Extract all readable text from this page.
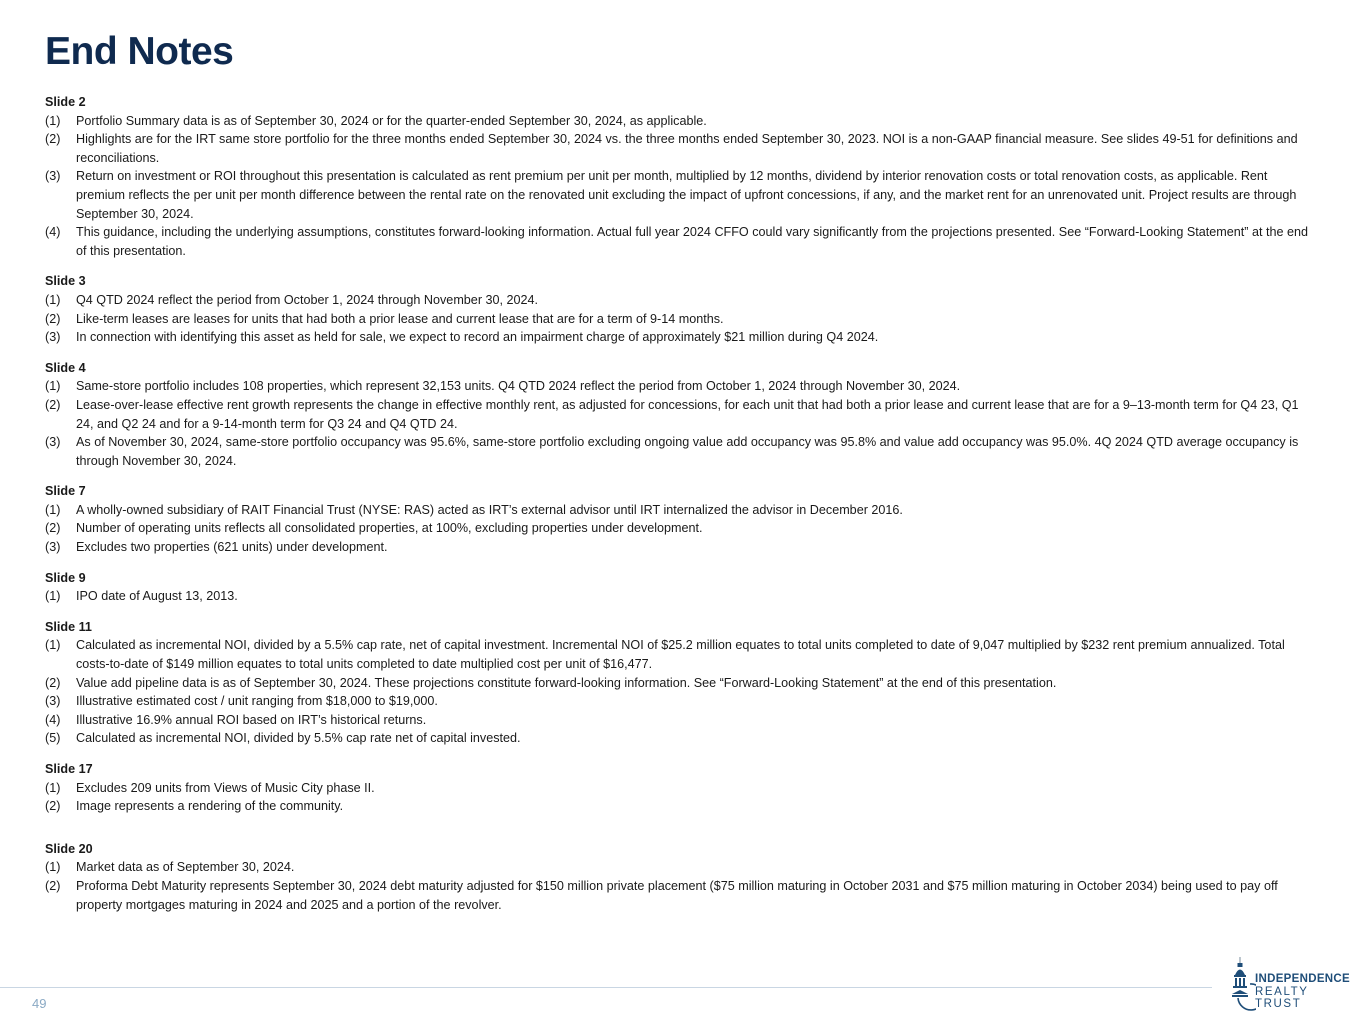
End Notes
Slide 2
(1)	Portfolio Summary data is as of September 30, 2024 or for the quarter-ended September 30, 2024, as applicable.
(2)	Highlights are for the IRT same store portfolio for the three months ended September 30, 2024 vs. the three months ended September 30, 2023. NOI is a non-GAAP financial measure. See slides 49-51 for definitions and reconciliations.
(3)	Return on investment or ROI throughout this presentation is calculated as rent premium per unit per month, multiplied by 12 months, dividend by interior renovation costs or total renovation costs, as applicable. Rent premium reflects the per unit per month difference between the rental rate on the renovated unit excluding the impact of upfront concessions, if any, and the market rent for an unrenovated unit. Project results are through September 30, 2024.
(4)	This guidance, including the underlying assumptions, constitutes forward-looking information. Actual full year 2024 CFFO could vary significantly from the projections presented. See “Forward-Looking Statement” at the end of this presentation.
Slide 3
(1)	Q4 QTD 2024 reflect the period from October 1, 2024 through November 30, 2024.
(2)	Like-term leases are leases for units that had both a prior lease and current lease that are for a term of 9-14 months.
(3)	In connection with identifying this asset as held for sale, we expect to record an impairment charge of approximately $21 million during Q4 2024.
Slide 4
(1)	Same-store portfolio includes 108 properties, which represent 32,153 units. Q4 QTD 2024 reflect the period from October 1, 2024 through November 30, 2024.
(2)	Lease-over-lease effective rent growth represents the change in effective monthly rent, as adjusted for concessions, for each unit that had both a prior lease and current lease that are for a 9–13-month term for Q4 23, Q1 24, and Q2 24 and for a 9-14-month term for Q3 24 and Q4 QTD 24.
(3)	As of November 30, 2024, same-store portfolio occupancy was 95.6%, same-store portfolio excluding ongoing value add occupancy was 95.8% and value add occupancy was 95.0%. 4Q 2024 QTD average occupancy is through November 30, 2024.
Slide 7
(1)	A wholly-owned subsidiary of RAIT Financial Trust (NYSE: RAS) acted as IRT’s external advisor until IRT internalized the advisor in December 2016.
(2)	Number of operating units reflects all consolidated properties, at 100%, excluding properties under development.
(3)	Excludes two properties (621 units) under development.
Slide 9
(1)	IPO date of August 13, 2013.
Slide 11
(1)	Calculated as incremental NOI, divided by a 5.5% cap rate, net of capital investment. Incremental NOI of $25.2 million equates to total units completed to date of 9,047 multiplied by $232 rent premium annualized. Total costs-to-date of $149 million equates to total units completed to date multiplied cost per unit of $16,477.
(2)	Value add pipeline data is as of September 30, 2024. These projections constitute forward-looking information. See “Forward-Looking Statement” at the end of this presentation.
(3)	Illustrative estimated cost / unit ranging from $18,000 to $19,000.
(4)	Illustrative 16.9% annual ROI based on IRT’s historical returns.
(5)	Calculated as incremental NOI, divided by 5.5% cap rate net of capital invested.
Slide 17
(1)	Excludes 209 units from Views of Music City phase II.
(2)	Image represents a rendering of the community.
Slide 20
(1)	Market data as of September 30, 2024.
(2)	Proforma Debt Maturity represents September 30, 2024 debt maturity adjusted for $150 million private placement ($75 million maturing in October 2031 and $75 million maturing in October 2034) being used to pay off property mortgages maturing in 2024 and 2025 and a portion of the revolver.
49
INDEPENDENCE
REALTY TRUST
